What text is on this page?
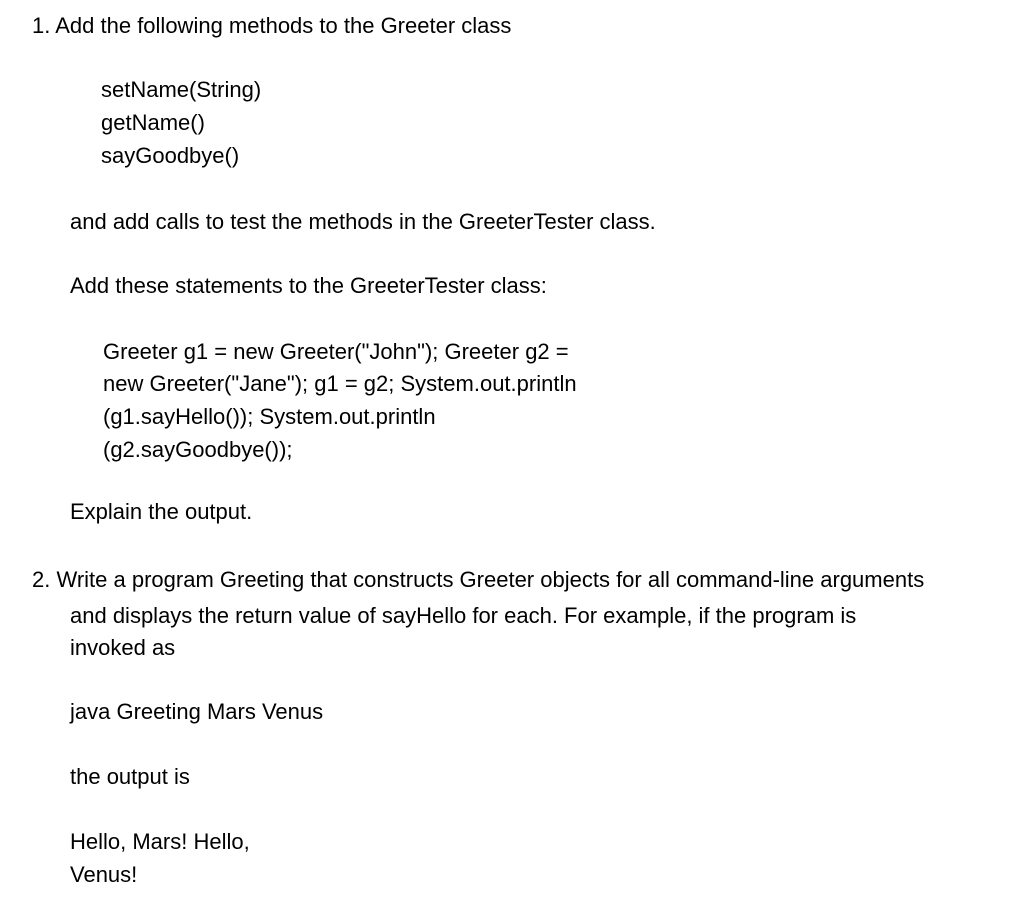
1. Add the following methods to the Greeter class
setName(String)
getName()
sayGoodbye()
and add calls to test the methods in the GreeterTester class.
Add these statements to the GreeterTester class:
Greeter g1 = new Greeter("John"); Greeter g2 =
new Greeter("Jane"); g1 = g2; System.out.println
(g1.sayHello()); System.out.println
(g2.sayGoodbye());
Explain the output.
2. Write a program Greeting that constructs Greeter objects for all command-line arguments
and displays the return value of sayHello for each. For example, if the program is
invoked as
java Greeting Mars Venus
the output is
Hello, Mars! Hello,
Venus!
